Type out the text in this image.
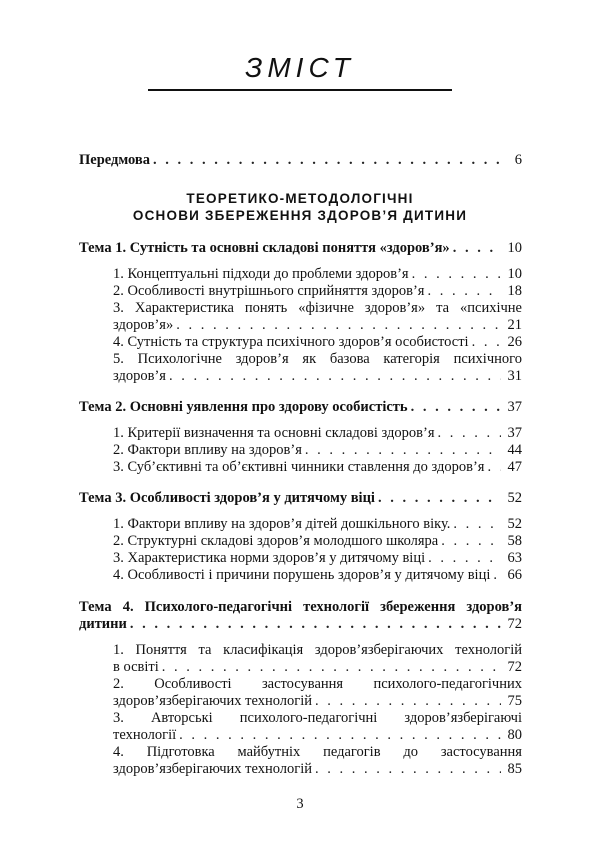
ЗМІСТ
Передмова . . .	6
ТЕОРЕТИКО-МЕТОДОЛОГІЧНІ
ОСНОВИ ЗБЕРЕЖЕННЯ ЗДОРОВ’Я ДИТИНИ
Тема 1. Сутність та основні складові поняття «здоров’я» . . .	10
1. Концептуальні підходи до проблеми здоров’я . . .	10
2. Особливості внутрішнього сприйняття здоров’я . . .	18
3. Характеристика понять «фізичне здоров’я» та «психічне
здоров’я» . . .	21
4. Сутність та структура психічного здоров’я особистості . . .	26
5. Психологічне здоров’я як базова категорія психічного
здоров’я . . .	31
Тема 2. Основні уявлення про здорову особистість . . .	37
1. Критерії визначення та основні складові здоров’я . . .	37
2. Фактори впливу на здоров’я . . .	44
3. Суб’єктивні та об’єктивні чинники ставлення до здоров’я . . . 47
Тема 3. Особливості здоров’я у дитячому віці . . .	52
1. Фактори впливу на здоров’я дітей дошкільного віку. . . .	52
2. Структурні складові здоров’я молодшого школяра . . .	58
3. Характеристика норми здоров’я у дитячому віці . . .	63
4. Особливості і причини порушень здоров’я у дитячому віці . . . 66
Тема 4. Психолого-педагогічні технології збереження здоров’я
дитини . . .	72
1. Поняття та класифікація здоров’язберігаючих технологій
в освіті . . .	72
2. Особливості застосування психолого-педагогічних
здоров’язберігаючих технологій . . .	75
3. Авторські психолого-педагогічні здоров’язберігаючі
технології . . .	80
4. Підготовка майбутніх педагогів до застосування
здоров’язберігаючих технологій . . .	85
3
